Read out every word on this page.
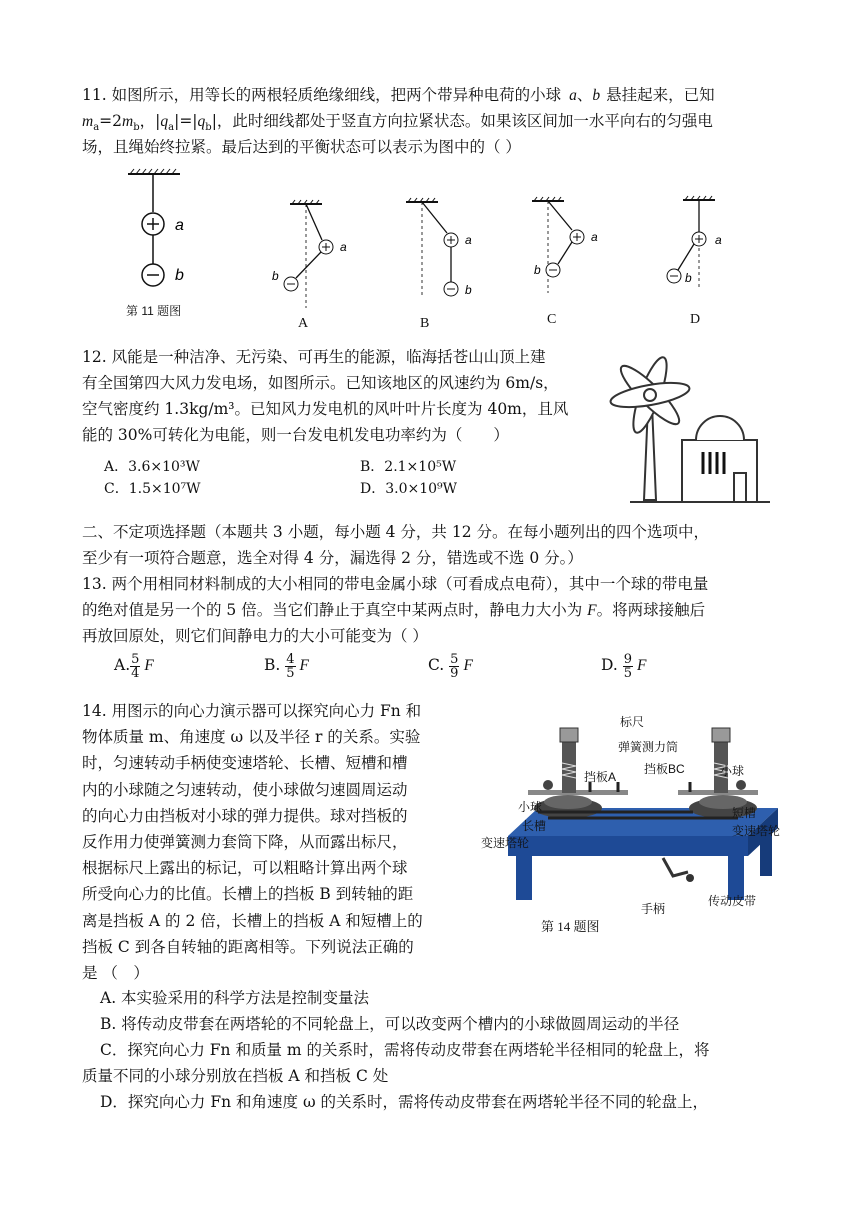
11. 如图所示，用等长的两根轻质绝缘细线，把两个带异种电荷的小球 a、b 悬挂起来，已知
$m_a=2m_b$，$|q_a|=|q_b|$，此时细线都处于竖直方向拉紧状态。如果该区间加一水平向右的匀强电
场，且绳始终拉紧。最后达到的平衡状态可以表示为图中的（ ）
a
b
a
b
a
b
a
b
a
b
第 11 题图
A	B	C	D
12. 风能是一种洁净、无污染、可再生的能源，临海括苍山山顶上建
有全国第四大风力发电场，如图所示。已知该地区的风速约为 6m/s，
空气密度约 1.3kg/m³。已知风力发电机的风叶叶片长度为 40m，且风
能的 30%可转化为电能，则一台发电机发电功率约为（　　）
A．3.6×10³W	B．2.1×10⁵W
C．1.5×10⁷W	D．3.0×10⁹W
二、不定项选择题（本题共 3 小题，每小题 4 分，共 12 分。在每小题列出的四个选项中，
至少有一项符合题意，选全对得 4 分，漏选得 2 分，错选或不选 0 分。）
13. 两个用相同材料制成的大小相同的带电金属小球（可看成点电荷），其中一个球的带电量
的绝对值是另一个的 5 倍。当它们静止于真空中某两点时，静电力大小为 F。将两球接触后
再放回原处，则它们间静电力的大小可能变为（ ）
A. $\frac{5}{4}$ F	B. $\frac{4}{5}$ F	C. $\frac{5}{9}$ F	D. $\frac{9}{5}$ F
14. 用图示的向心力演示器可以探究向心力 Fn 和
物体质量 m、角速度 ω 以及半径 r 的关系。实验
时，匀速转动手柄使变速塔轮、长槽、短槽和槽
内的小球随之匀速转动，使小球做匀速圆周运动
的向心力由挡板对小球的弹力提供。球对挡板的
反作用力使弹簧测力套筒下降，从而露出标尺，
根据标尺上露出的标记，可以粗略计算出两个球
所受向心力的比值。长槽上的挡板 B 到转轴的距
离是挡板 A 的 2 倍，长槽上的挡板 A 和短槽上的
挡板 C 到各自转轴的距离相等。下列说法正确的
是 （　）
标尺
弹簧测力筒
挡板A
挡板BC
小球
小球
长槽
短槽
变速塔轮
变速塔轮
传动皮带
手柄
第 14 题图
A. 本实验采用的科学方法是控制变量法
B. 将传动皮带套在两塔轮的不同轮盘上，可以改变两个槽内的小球做圆周运动的半径
C．探究向心力 Fn 和质量 m 的关系时，需将传动皮带套在两塔轮半径相同的轮盘上，将
质量不同的小球分别放在挡板 A 和挡板 C 处
D．探究向心力 Fn 和角速度 ω 的关系时，需将传动皮带套在两塔轮半径不同的轮盘上，
